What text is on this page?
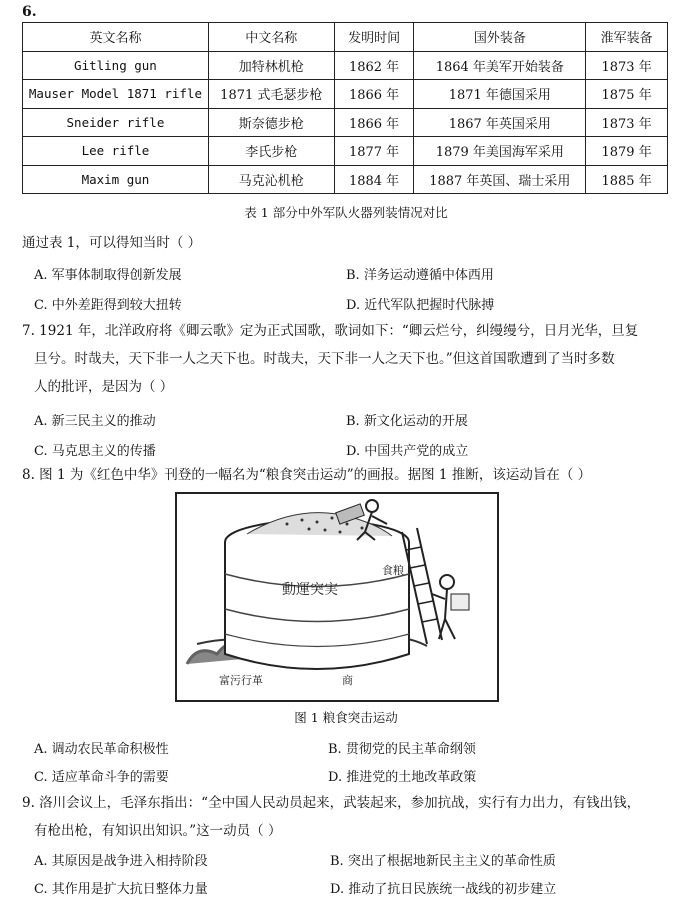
6.
英文名称	中文名称	发明时间	国外装备	淮军装备
Gitling gun	加特林机枪	1862 年	1864 年美军开始装备	1873 年
Mauser Model 1871 rifle	1871 式毛瑟步枪	1866 年	1871 年德国采用	1875 年
Sneider rifle	斯奈德步枪	1866 年	1867 年英国采用	1873 年
Lee rifle	李氏步枪	1877 年	1879 年美国海军采用	1879 年
Maxim gun	马克沁机枪	1884 年	1887 年英国、瑞士采用	1885 年
表 1 部分中外军队火器列装情况对比
通过表 1，可以得知当时（ ）
A. 军事体制取得创新发展	B. 洋务运动遵循中体西用
C. 中外差距得到较大扭转	D. 近代军队把握时代脉搏
7. 1921 年，北洋政府将《卿云歌》定为正式国歌，歌词如下：“卿云烂兮，纠缦缦兮，日月光华，旦复
旦兮。时哉夫，天下非一人之天下也。时哉夫，天下非一人之天下也。”但这首国歌遭到了当时多数
人的批评，是因为（ ）
A. 新三民主义的推动	B. 新文化运动的开展
C. 马克思主义的传播	D. 中国共产党的成立
8. 图 1 为《红色中华》刊登的一幅名为“粮食突击运动”的画报。据图 1 推断，该运动旨在（ ）
食粮
動運突実
富污行革	商
图 1 粮食突击运动
A. 调动农民革命积极性	B. 贯彻党的民主革命纲领
C. 适应革命斗争的需要	D. 推进党的土地改革政策
9. 洛川会议上，毛泽东指出：“全中国人民动员起来，武装起来，参加抗战，实行有力出力，有钱出钱，
有枪出枪，有知识出知识。”这一动员（ ）
A. 其原因是战争进入相持阶段	B. 突出了根据地新民主主义的革命性质
C. 其作用是扩大抗日整体力量	D. 推动了抗日民族统一战线的初步建立
